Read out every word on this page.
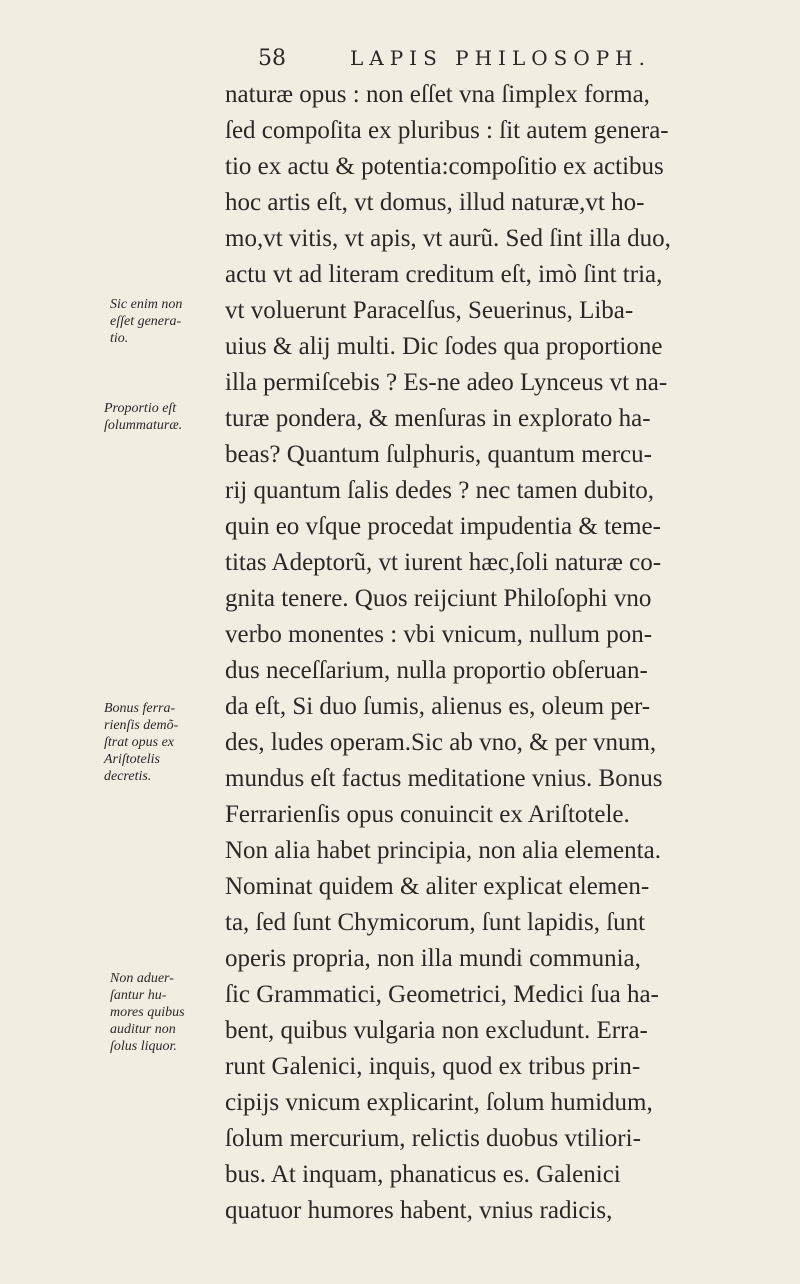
58	LAPIS PHILOSOPH.
naturæ opus : non eſſet vna ſimplex forma,
ſed compoſita ex pluribus : ſit autem genera-
tio ex actu & potentia:compoſitio ex actibus
hoc artis eſt, vt domus, illud naturæ,vt ho-
mo,vt vitis, vt apis, vt aurũ. Sed ſint illa duo,
actu vt ad literam creditum eſt, imò ſint tria,
vt voluerunt Paracelſus, Seuerinus, Liba-
uius & alij multi. Dic ſodes qua proportione
illa permiſcebis ? Es-ne adeo Lynceus vt na-
turæ pondera, & menſuras in explorato ha-
beas? Quantum ſulphuris, quantum mercu-
rij quantum ſalis dedes ? nec tamen dubito,
quin eo vſque procedat impudentia & teme-
titas Adeptorũ, vt iurent hæc,ſoli naturæ co-
gnita tenere. Quos reijciunt Philoſophi vno
verbo monentes : vbi vnicum, nullum pon-
dus neceſſarium, nulla proportio obſeruan-
da eſt, Si duo ſumis, alienus es, oleum per-
des, ludes operam.Sic ab vno, & per vnum,
mundus eſt factus meditatione vnius. Bonus
Ferrarienſis opus conuincit ex Ariſtotele.
Non alia habet principia, non alia elementa.
Nominat quidem & aliter explicat elemen-
ta, ſed ſunt Chymicorum, ſunt lapidis, ſunt
operis propria, non illa mundi communia,
ſic Grammatici, Geometrici, Medici ſua ha-
bent, quibus vulgaria non excludunt. Erra-
runt Galenici, inquis, quod ex tribus prin-
cipijs vnicum explicarint, ſolum humidum,
ſolum mercurium, relictis duobus vtiliori-
bus. At inquam, phanaticus es. Galenici
quatuor humores habent, vnius radicis,
Sic enim non
eſſet genera-
tio.
Proportio eſt
ſolummaturæ.
Bonus ferra-
rienſis demõ-
ſtrat opus ex
Ariſtotelis
decretis.
Non aduer-
ſantur hu-
mores quibus
auditur non
ſolus liquor.
